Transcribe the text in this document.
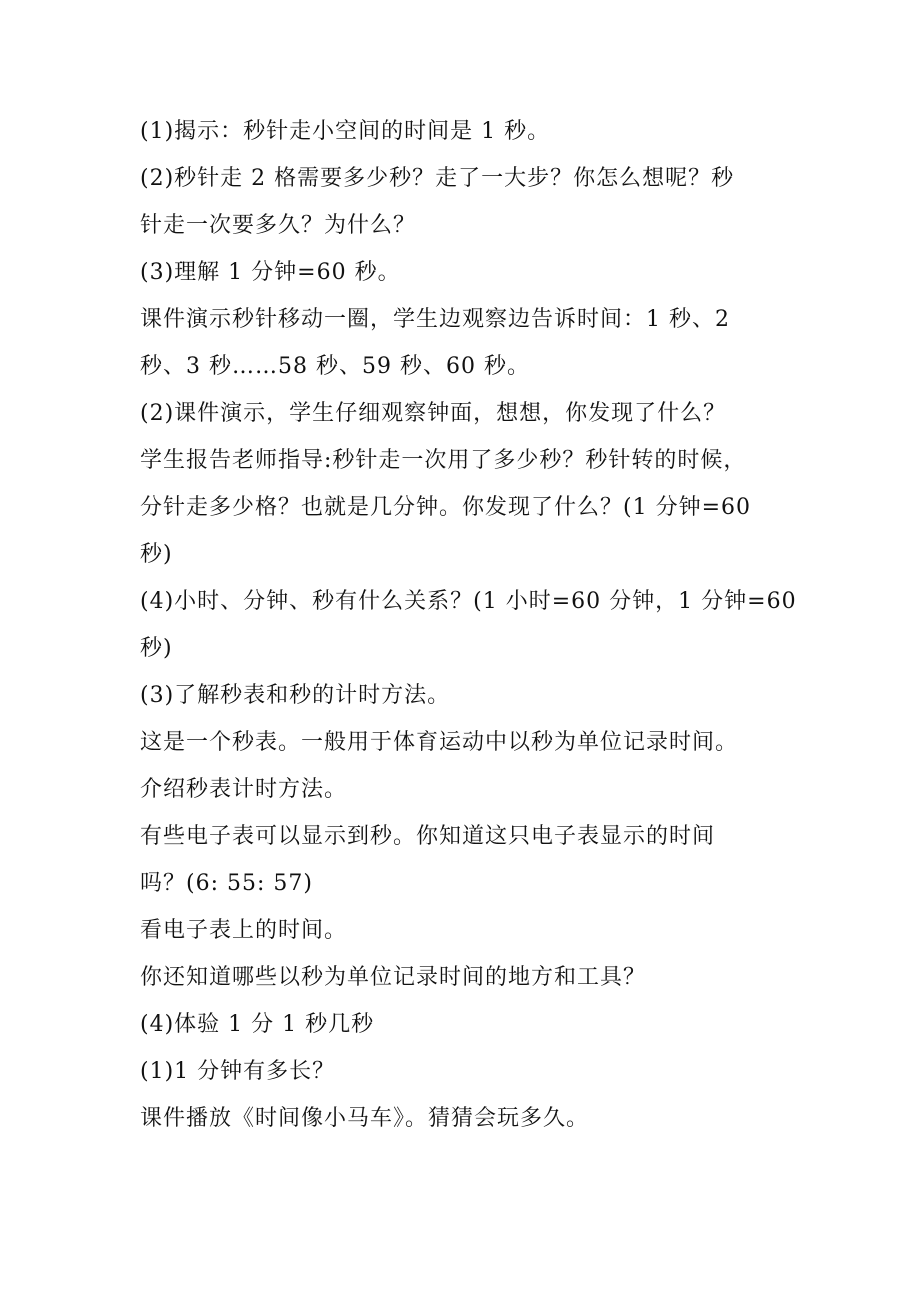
(1)揭示：秒针走小空间的时间是 1 秒。
(2)秒针走 2 格需要多少秒？走了一大步？你怎么想呢？秒
针走一次要多久？为什么？
(3)理解 1 分钟=60 秒。
课件演示秒针移动一圈，学生边观察边告诉时间：1 秒、2
秒、3 秒……58 秒、59 秒、60 秒。
(2)课件演示，学生仔细观察钟面，想想，你发现了什么？
学生报告老师指导:秒针走一次用了多少秒？秒针转的时候，
分针走多少格？也就是几分钟。你发现了什么？(1 分钟=60
秒)
(4)小时、分钟、秒有什么关系？(1 小时=60 分钟，1 分钟=60
秒)
(3)了解秒表和秒的计时方法。
这是一个秒表。一般用于体育运动中以秒为单位记录时间。
介绍秒表计时方法。
有些电子表可以显示到秒。你知道这只电子表显示的时间
吗？(6: 55: 57)
看电子表上的时间。
你还知道哪些以秒为单位记录时间的地方和工具？
(4)体验 1 分 1 秒几秒
(1)1 分钟有多长？
课件播放《时间像小马车》。猜猜会玩多久。
